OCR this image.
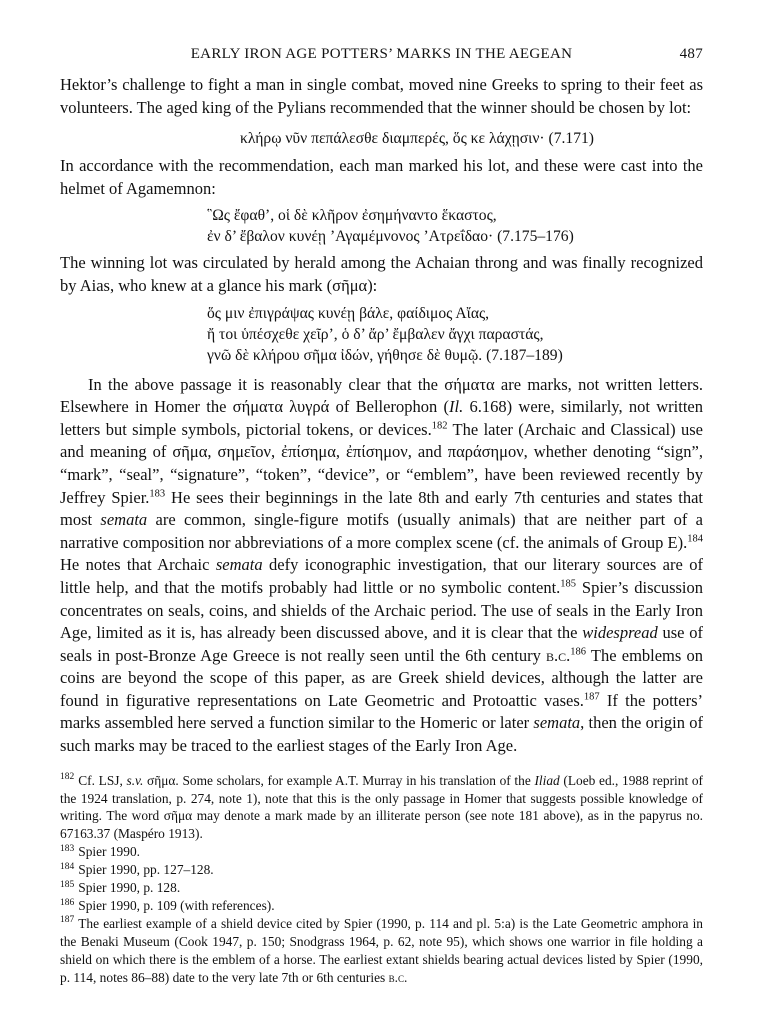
EARLY IRON AGE POTTERS’ MARKS IN THE AEGEAN	487

Hektor’s challenge to fight a man in single combat, moved nine Greeks to spring to their feet as volunteers. The aged king of the Pylians recommended that the winner should be chosen by lot:

κλήρῳ νῦν πεπάλεσθε διαμπερές, ὅς κε λάχῃσιν· (7.171)

In accordance with the recommendation, each man marked his lot, and these were cast into the helmet of Agamemnon:

῝Ως ἔφαθ’, οἱ δὲ κλῆρον ἐσημήναντο ἕκαστος,
ἐν δ’ ἔβαλον κυνέῃ ’Αγαμέμνονος ’Ατρεΐδαο· (7.175–176)

The winning lot was circulated by herald among the Achaian throng and was finally recognized by Aias, who knew at a glance his mark (σῆμα):

ὅς μιν ἐπιγράψας κυνέῃ βάλε, φαίδιμος Αἴας,
ἤ τοι ὑπέσχεθε χεῖρ’, ὁ δ’ ἄρ’ ἔμβαλεν ἄγχι παραστάς,
γνῶ δὲ κλήρου σῆμα ἰδών, γήθησε δὲ θυμῷ. (7.187–189)

In the above passage it is reasonably clear that the σήματα are marks, not written letters. Elsewhere in Homer the σήματα λυγρά of Bellerophon (Il. 6.168) were, similarly, not written letters but simple symbols, pictorial tokens, or devices.$^{182}$ The later (Archaic and Classical) use and meaning of σῆμα, σημεῖον, ἐπίσημα, ἐπίσημον, and παράσημον, whether denoting “sign”, “mark”, “seal”, “signature”, “token”, “device”, or “emblem”, have been reviewed recently by Jeffrey Spier.$^{183}$ He sees their beginnings in the late 8th and early 7th centuries and states that most semata are common, single-figure motifs (usually animals) that are neither part of a narrative composition nor abbreviations of a more complex scene (cf. the animals of Group E).$^{184}$ He notes that Archaic semata defy iconographic investigation, that our literary sources are of little help, and that the motifs probably had little or no symbolic content.$^{185}$ Spier’s discussion concentrates on seals, coins, and shields of the Archaic period. The use of seals in the Early Iron Age, limited as it is, has already been discussed above, and it is clear that the widespread use of seals in post-Bronze Age Greece is not really seen until the 6th century b.c.$^{186}$ The emblems on coins are beyond the scope of this paper, as are Greek shield devices, although the latter are found in figurative representations on Late Geometric and Protoattic vases.$^{187}$ If the potters’ marks assembled here served a function similar to the Homeric or later semata, then the origin of such marks may be traced to the earliest stages of the Early Iron Age.

$^{182}$ Cf. LSJ, s.v. σῆμα. Some scholars, for example A.T. Murray in his translation of the Iliad (Loeb ed., 1988 reprint of the 1924 translation, p. 274, note 1), note that this is the only passage in Homer that suggests possible knowledge of writing. The word σῆμα may denote a mark made by an illiterate person (see note 181 above), as in the papyrus no. 67163.37 (Maspéro 1913).

$^{183}$ Spier 1990.

$^{184}$ Spier 1990, pp. 127–128.

$^{185}$ Spier 1990, p. 128.

$^{186}$ Spier 1990, p. 109 (with references).

$^{187}$ The earliest example of a shield device cited by Spier (1990, p. 114 and pl. 5:a) is the Late Geometric amphora in the Benaki Museum (Cook 1947, p. 150; Snodgrass 1964, p. 62, note 95), which shows one warrior in file holding a shield on which there is the emblem of a horse. The earliest extant shields bearing actual devices listed by Spier (1990, p. 114, notes 86–88) date to the very late 7th or 6th centuries b.c.
